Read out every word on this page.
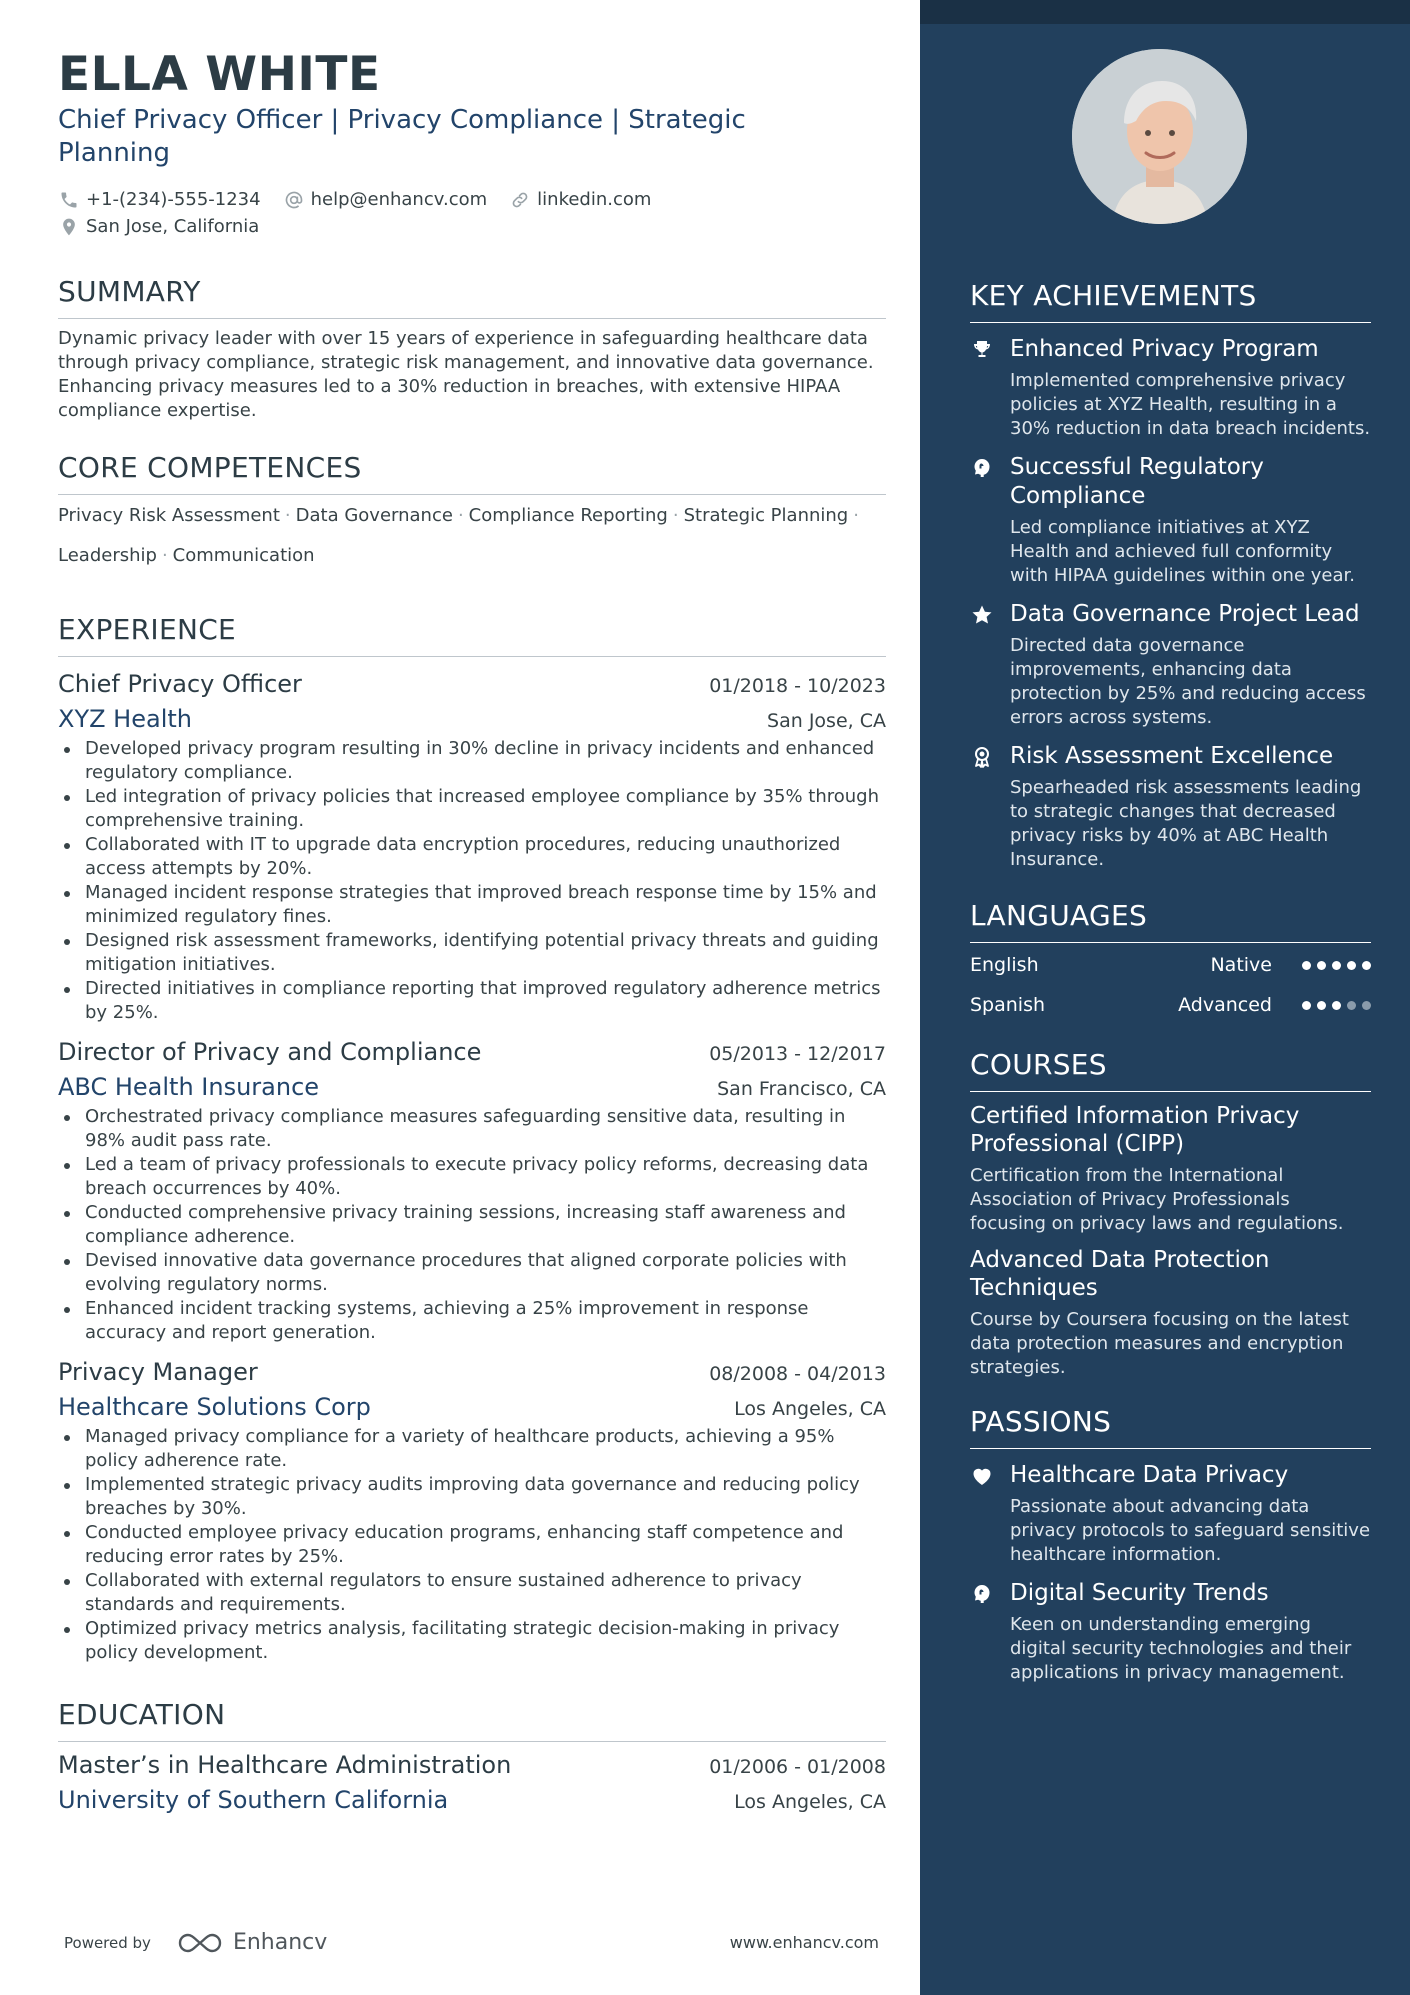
ELLA WHITE
Chief Privacy Officer | Privacy Compliance | Strategic Planning
+1-(234)-555-1234	help@enhancv.com	linkedin.com
San Jose, California
SUMMARY
Dynamic privacy leader with over 15 years of experience in safeguarding healthcare data through privacy compliance, strategic risk management, and innovative data governance. Enhancing privacy measures led to a 30% reduction in breaches, with extensive HIPAA compliance expertise.
CORE COMPETENCES
Privacy Risk Assessment · Data Governance · Compliance Reporting · Strategic Planning ·
Leadership · Communication
EXPERIENCE
Chief Privacy Officer	01/2018 - 10/2023
XYZ Health	San Jose, CA
Developed privacy program resulting in 30% decline in privacy incidents and enhanced regulatory compliance.
Led integration of privacy policies that increased employee compliance by 35% through comprehensive training.
Collaborated with IT to upgrade data encryption procedures, reducing unauthorized access attempts by 20%.
Managed incident response strategies that improved breach response time by 15% and minimized regulatory fines.
Designed risk assessment frameworks, identifying potential privacy threats and guiding mitigation initiatives.
Directed initiatives in compliance reporting that improved regulatory adherence metrics by 25%.
Director of Privacy and Compliance	05/2013 - 12/2017
ABC Health Insurance	San Francisco, CA
Orchestrated privacy compliance measures safeguarding sensitive data, resulting in 98% audit pass rate.
Led a team of privacy professionals to execute privacy policy reforms, decreasing data breach occurrences by 40%.
Conducted comprehensive privacy training sessions, increasing staff awareness and compliance adherence.
Devised innovative data governance procedures that aligned corporate policies with evolving regulatory norms.
Enhanced incident tracking systems, achieving a 25% improvement in response accuracy and report generation.
Privacy Manager	08/2008 - 04/2013
Healthcare Solutions Corp	Los Angeles, CA
Managed privacy compliance for a variety of healthcare products, achieving a 95% policy adherence rate.
Implemented strategic privacy audits improving data governance and reducing policy breaches by 30%.
Conducted employee privacy education programs, enhancing staff competence and reducing error rates by 25%.
Collaborated with external regulators to ensure sustained adherence to privacy standards and requirements.
Optimized privacy metrics analysis, facilitating strategic decision-making in privacy policy development.
EDUCATION
Master’s in Healthcare Administration	01/2006 - 01/2008
University of Southern California	Los Angeles, CA
Powered by	Enhancv	www.enhancv.com
KEY ACHIEVEMENTS
Enhanced Privacy Program
Implemented comprehensive privacy policies at XYZ Health, resulting in a 30% reduction in data breach incidents.
Successful Regulatory Compliance
Led compliance initiatives at XYZ Health and achieved full conformity with HIPAA guidelines within one year.
Data Governance Project Lead
Directed data governance improvements, enhancing data protection by 25% and reducing access errors across systems.
Risk Assessment Excellence
Spearheaded risk assessments leading to strategic changes that decreased privacy risks by 40% at ABC Health Insurance.
LANGUAGES
English	Native
Spanish	Advanced
COURSES
Certified Information Privacy Professional (CIPP)
Certification from the International Association of Privacy Professionals focusing on privacy laws and regulations.
Advanced Data Protection Techniques
Course by Coursera focusing on the latest data protection measures and encryption strategies.
PASSIONS
Healthcare Data Privacy
Passionate about advancing data privacy protocols to safeguard sensitive healthcare information.
Digital Security Trends
Keen on understanding emerging digital security technologies and their applications in privacy management.
